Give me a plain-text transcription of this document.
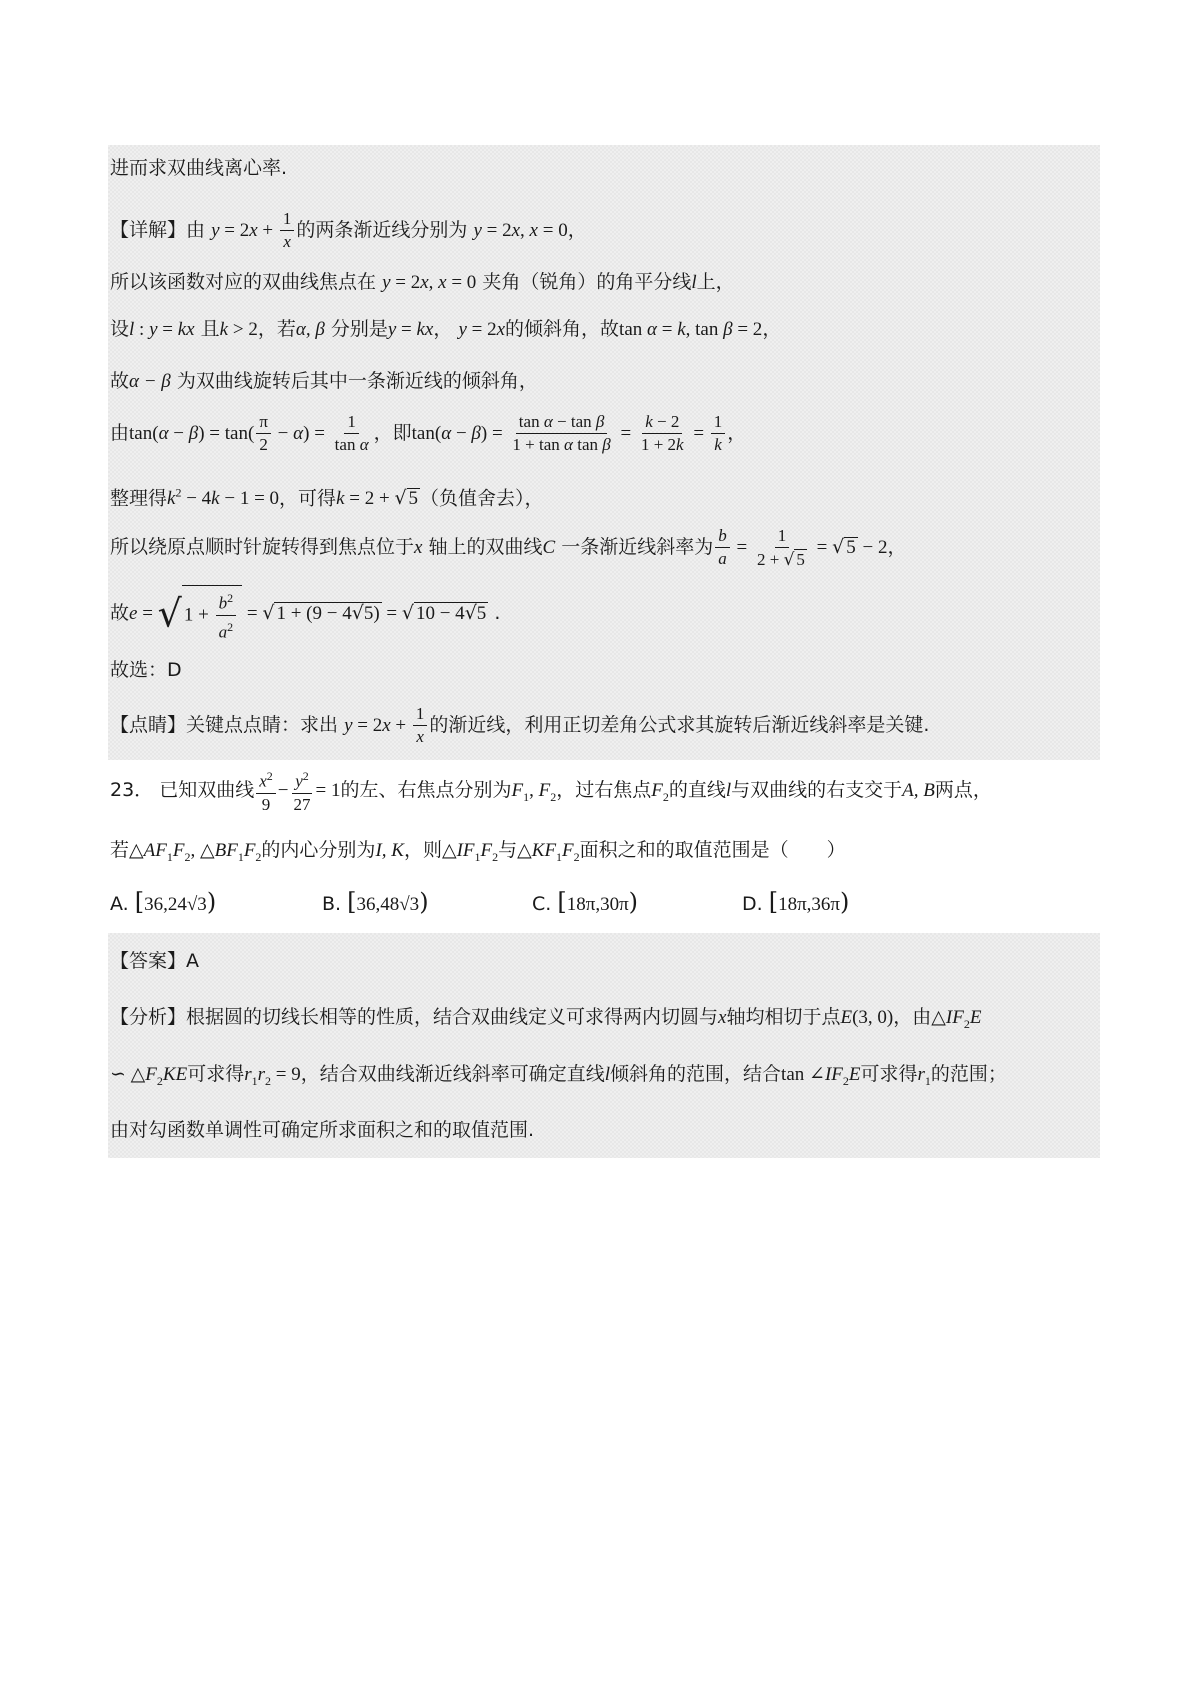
进而求双曲线离心率.
【详解】由 $y = 2x + \frac{1}{x}$ 的两条渐近线分别为 y = 2x, x = 0，
所以该函数对应的双曲线焦点在 y = 2x, x = 0 夹角（锐角）的角平分线l上，
设l : y = kx 且k > 2，若α, β 分别是y = kx， y = 2x的倾斜角，故tan α = k, tan β = 2，
故α − β 为双曲线旋转后其中一条渐近线的倾斜角，
由$\tan(\alpha - \beta) = \tan( \frac{\pi}{2} - \alpha) = \frac{1}{\text{tan α}}$ ，即$\tan(\alpha - \beta) = \frac{\text{tan α − tan β}}{\text{1 + tan α tan β}} = \frac{k - 2}{1 + 2k} = \frac{1}{k}$ ，
整理得$k^2 - 4k - 1 = 0$，可得k = 2 + √ 5 （负值舍去），
所以绕原点顺时针旋转得到焦点位于x 轴上的双曲线C 一条渐近线斜率为 $\frac{b}{a} = \frac{1}{2 + √ 5}$ = √ 5 − 2，
故e = √ $1 + \frac{b^2}{a^2}$ = √ 1 + (9 − 4√5) = √ 10 − 4√5 .
故选：D
【点睛】关键点点睛：求出 $y = 2x + \frac{1}{x}$ 的渐近线，利用正切差角公式求其旋转后渐近线斜率是关键.
23． 已知双曲线 $\frac{x^2}{9} - \frac{y^2}{27} = 1$的左、右焦点分别为$F_1$, $F_2$，过右焦点$F_2$的直线l与双曲线的右支交于A, B两点，
若$\triangle AF_1F_2$, $\triangle BF_1F_2$的内心分别为I, K，则$\triangle IF_1F_2$与$\triangle KF_1F_2$面积之和的取值范围是（　　）
A. [36,24√3)	B. [36,48√3)	C. [18π,30π)	D. [18π,36π)
【答案】A
【分析】根据圆的切线长相等的性质，结合双曲线定义可求得两内切圆与x轴均相切于点E(3, 0)，由$\triangle IF_2E$
∽ $\triangle F_2KE$可求得$r_1r_2 = 9$，结合双曲线渐近线斜率可确定直线l倾斜角的范围，结合$\tan \angle IF_2E$可求得$r_1$的范围；
由对勾函数单调性可确定所求面积之和的取值范围.
